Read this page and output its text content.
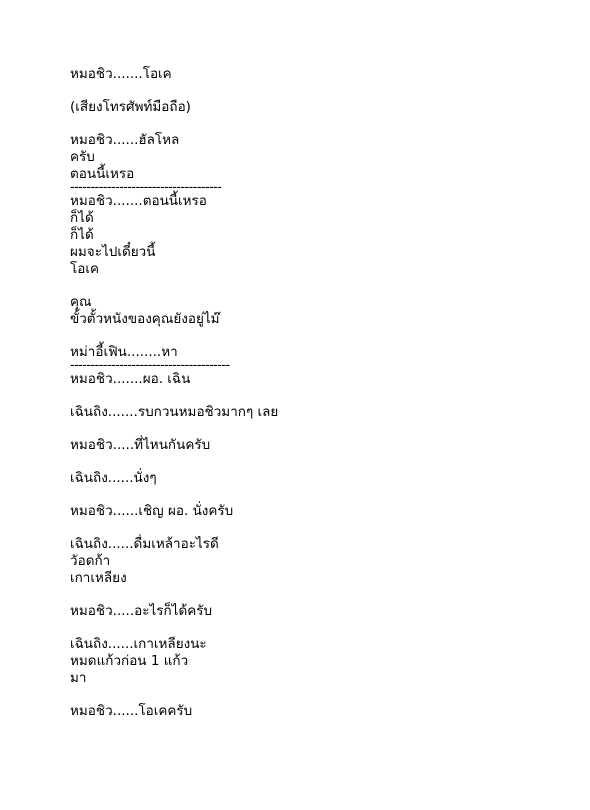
หมอชิว.......โอเค
(เสียงโทรศัพท์มือถือ)
หมอชิว......ฮัลโหล
ครับ
ตอนนี้เหรอ
-------------------------------------
หมอชิว.......ตอนนี้เหรอ
ก็ได้
ก็ได้
ผมจะไปเดี๋ยวนี้
โอเค
คุณ
ขั้วตั้วหนังของคุณยังอยู่ไม๊
หม่าอี้เฟิน........หา
---------------------------------------
หมอชิว.......ผอ. เฉิน
เฉินถิง.......รบกวนหมอชิวมากๆ เลย
หมอชิว.....ที่ไหนกันครับ
เฉินถิง......นั่งๆ
หมอชิว......เชิญ ผอ. นั่งครับ
เฉินถิง......ดื่มเหล้าอะไรดี
วัอดก้า
เกาเหลียง
หมอชิว.....อะไรก็ได้ครับ
เฉินถิง......เกาเหลียงนะ
หมดแก้วก่อน 1 แก้ว
มา
หมอชิว......โอเคครับ
